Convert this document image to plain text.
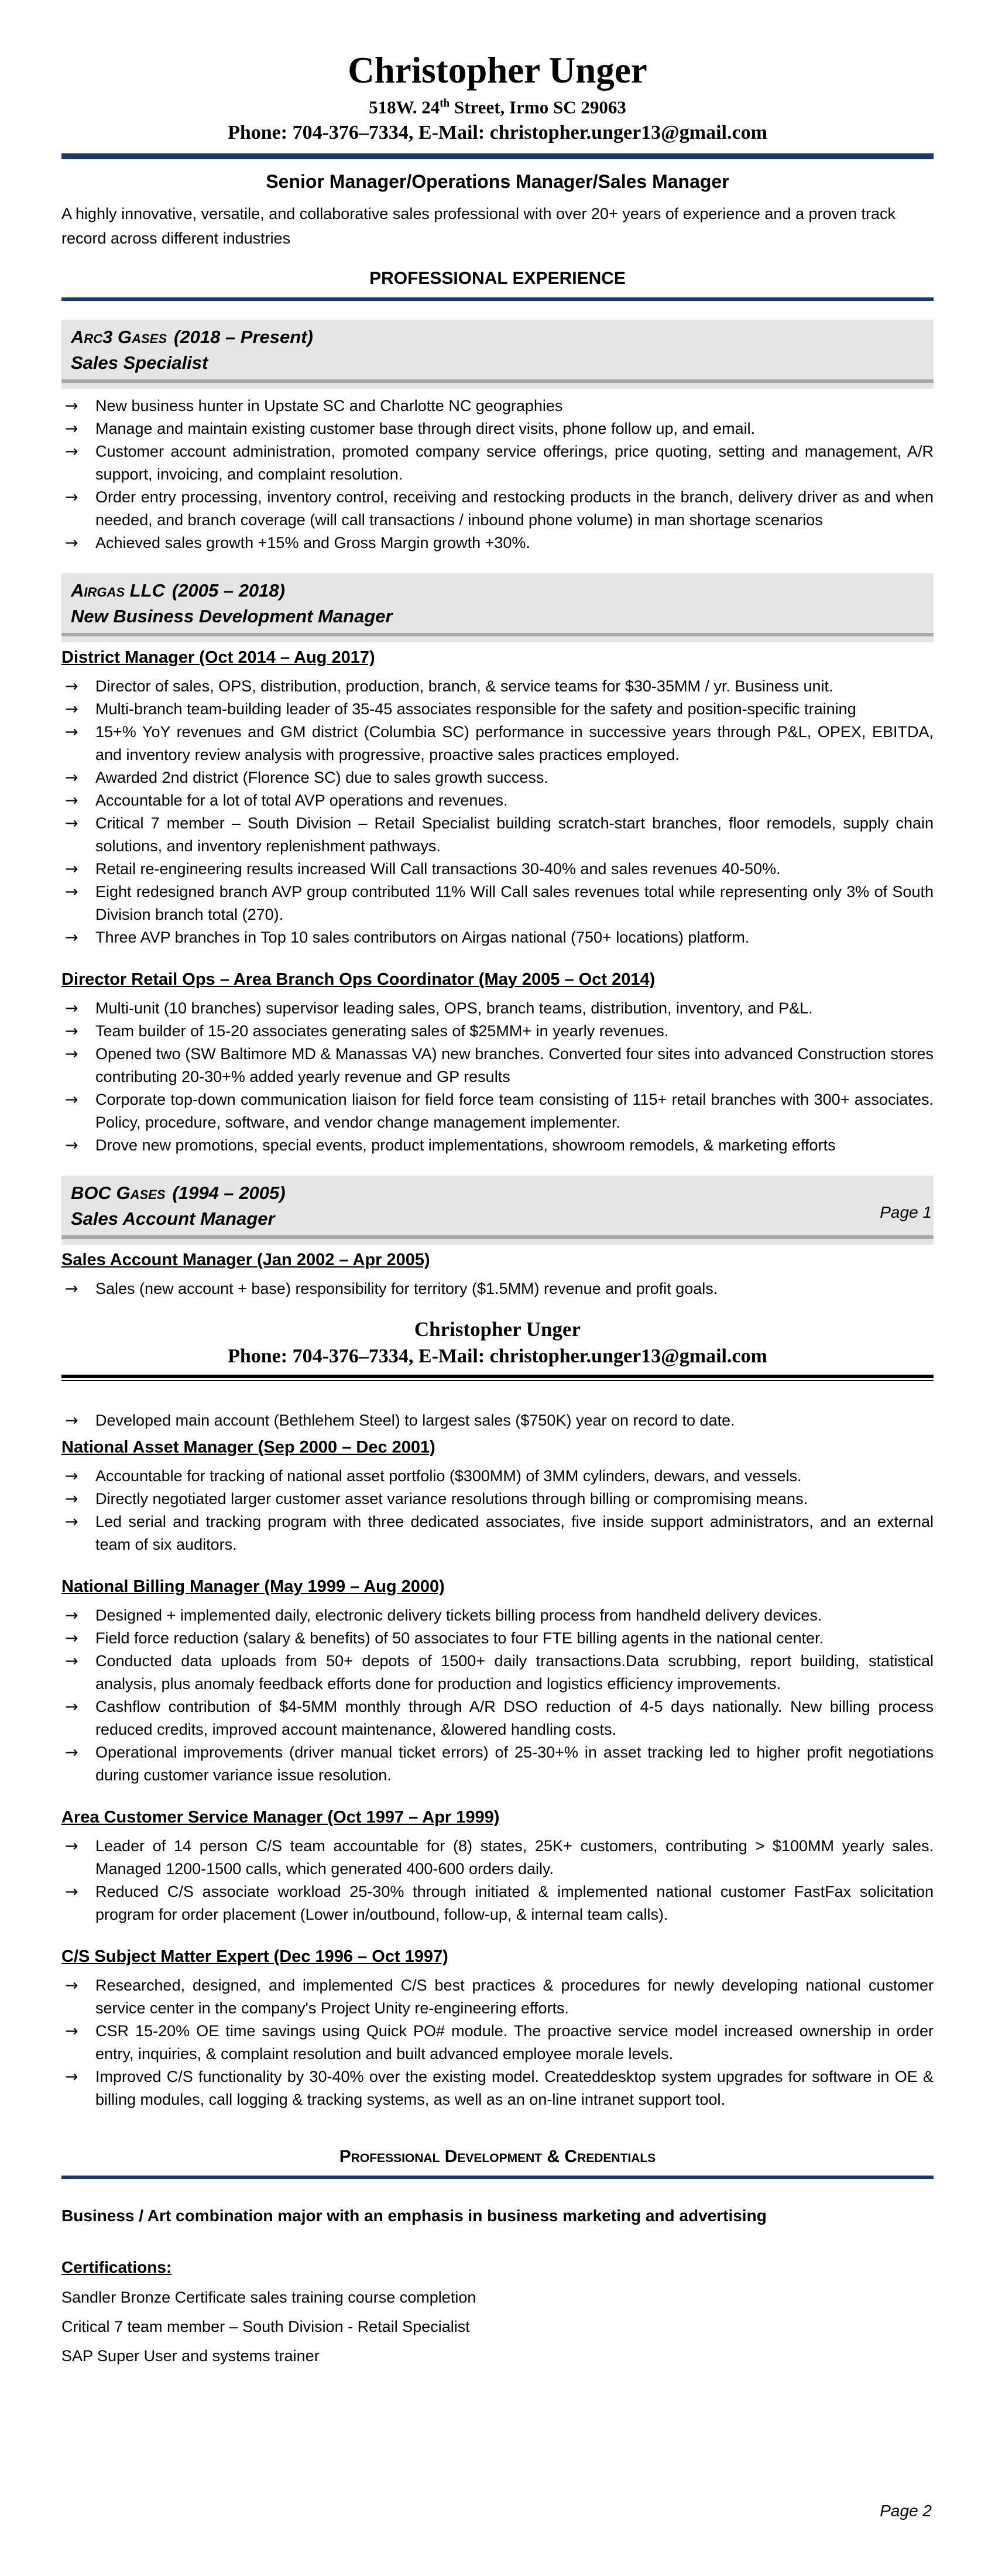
Christopher Unger
518W. 24th Street, Irmo SC 29063
Phone: 704-376–7334, E-Mail: christopher.unger13@gmail.com
Senior Manager/Operations Manager/Sales Manager

A highly innovative, versatile, and collaborative sales professional with over 20+ years of experience and a proven track record across different industries

PROFESSIONAL EXPERIENCE
Arc3 Gases (2018 – Present)
Sales Specialist
→	New business hunter in Upstate SC and Charlotte NC geographies
→	Manage and maintain existing customer base through direct visits, phone follow up, and email.
→	Customer account administration, promoted company service offerings, price quoting, setting and management, A/R support, invoicing, and complaint resolution.
→	Order entry processing, inventory control, receiving and restocking products in the branch, delivery driver as and when needed, and branch coverage (will call transactions / inbound phone volume) in man shortage scenarios
→	Achieved sales growth +15% and Gross Margin growth +30%.
Airgas LLC (2005 – 2018)
New Business Development Manager
District Manager (Oct 2014 – Aug 2017)
→	Director of sales, OPS, distribution, production, branch, & service teams for $30-35MM / yr. Business unit.
→	Multi-branch team-building leader of 35-45 associates responsible for the safety and position-specific training
→	15+% YoY revenues and GM district (Columbia SC) performance in successive years through P&L, OPEX, EBITDA, and inventory review analysis with progressive, proactive sales practices employed.
→	Awarded 2nd district (Florence SC) due to sales growth success.
→	Accountable for a lot of total AVP operations and revenues.
→	Critical 7 member – South Division – Retail Specialist building scratch-start branches, floor remodels, supply chain solutions, and inventory replenishment pathways.
→	Retail re-engineering results increased Will Call transactions 30-40% and sales revenues 40-50%.
→	Eight redesigned branch AVP group contributed 11% Will Call sales revenues total while representing only 3% of South Division branch total (270).
→	Three AVP branches in Top 10 sales contributors on Airgas national (750+ locations) platform.
Director Retail Ops – Area Branch Ops Coordinator (May 2005 – Oct 2014)
→	Multi-unit (10 branches) supervisor leading sales, OPS, branch teams, distribution, inventory, and P&L.
→	Team builder of 15-20 associates generating sales of $25MM+ in yearly revenues.
→	Opened two (SW Baltimore MD & Manassas VA) new branches. Converted four sites into advanced Construction stores contributing 20-30+% added yearly revenue and GP results
→	Corporate top-down communication liaison for field force team consisting of 115+ retail branches with 300+ associates. Policy, procedure, software, and vendor change management implementer.
→	Drove new promotions, special events, product implementations, showroom remodels, & marketing efforts
BOC Gases (1994 – 2005)
Sales Account Manager
Sales Account Manager (Jan 2002 – Apr 2005)
→	Sales (new account + base) responsibility for territory ($1.5MM) revenue and profit goals.
Page 1
Christopher Unger
Phone: 704-376–7334, E-Mail: christopher.unger13@gmail.com
→	Developed main account (Bethlehem Steel) to largest sales ($750K) year on record to date.
National Asset Manager (Sep 2000 – Dec 2001)
→	Accountable for tracking of national asset portfolio ($300MM) of 3MM cylinders, dewars, and vessels.
→	Directly negotiated larger customer asset variance resolutions through billing or compromising means.
→	Led serial and tracking program with three dedicated associates, five inside support administrators, and an external team of six auditors.
National Billing Manager (May 1999 – Aug 2000)
→	Designed + implemented daily, electronic delivery tickets billing process from handheld delivery devices.
→	Field force reduction (salary & benefits) of 50 associates to four FTE billing agents in the national center.
→	Conducted data uploads from 50+ depots of 1500+ daily transactions.Data scrubbing, report building, statistical analysis, plus anomaly feedback efforts done for production and logistics efficiency improvements.
→	Cashflow contribution of $4-5MM monthly through A/R DSO reduction of 4-5 days nationally. New billing process reduced credits, improved account maintenance, &lowered handling costs.
→	Operational improvements (driver manual ticket errors) of 25-30+% in asset tracking led to higher profit negotiations during customer variance issue resolution.
Area Customer Service Manager (Oct 1997 – Apr 1999)
→	Leader of 14 person C/S team accountable for (8) states, 25K+ customers, contributing > $100MM yearly sales. Managed 1200-1500 calls, which generated 400-600 orders daily.
→	Reduced C/S associate workload 25-30% through initiated & implemented national customer FastFax solicitation program for order placement (Lower in/outbound, follow-up, & internal team calls).
C/S Subject Matter Expert (Dec 1996 – Oct 1997)
→	Researched, designed, and implemented C/S best practices & procedures for newly developing national customer service center in the company's Project Unity re-engineering efforts.
→	CSR 15-20% OE time savings using Quick PO# module. The proactive service model increased ownership in order entry, inquiries, & complaint resolution and built advanced employee morale levels.
→	Improved C/S functionality by 30-40% over the existing model. Createddesktop system upgrades for software in OE & billing modules, call logging & tracking systems, as well as an on-line intranet support tool.
Professional Development & Credentials
Business / Art combination major with an emphasis in business marketing and advertising
Certifications:
Sandler Bronze Certificate sales training course completion
Critical 7 team member – South Division - Retail Specialist
SAP Super User and systems trainer
Page 2
